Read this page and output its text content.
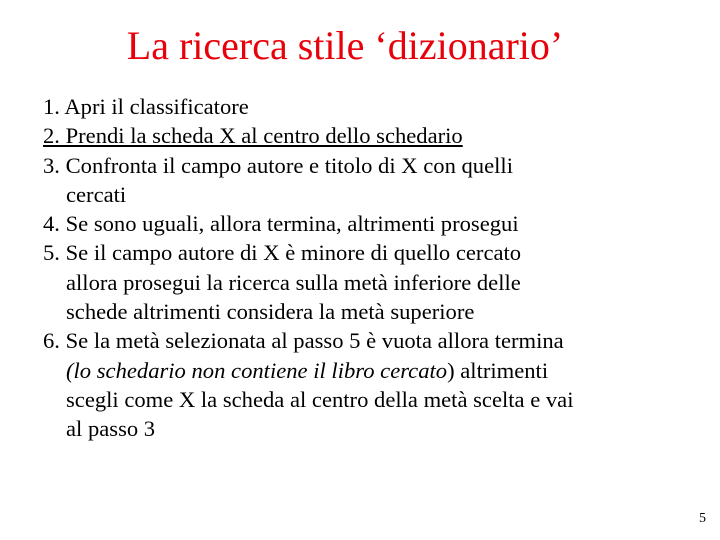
La ricerca stile ‘dizionario’
1. Apri il classificatore
2. Prendi la scheda X al centro dello schedario
3. Confronta il campo autore e titolo di X con quelli
cercati
4. Se sono uguali, allora termina, altrimenti prosegui
5. Se il campo autore di X è minore di quello cercato
allora prosegui la ricerca sulla metà inferiore delle
schede altrimenti considera la metà superiore
6. Se la metà selezionata al passo 5 è vuota allora termina
(lo schedario non contiene il libro cercato) altrimenti
scegli come X la scheda al centro della metà scelta e vai
al passo 3
5
